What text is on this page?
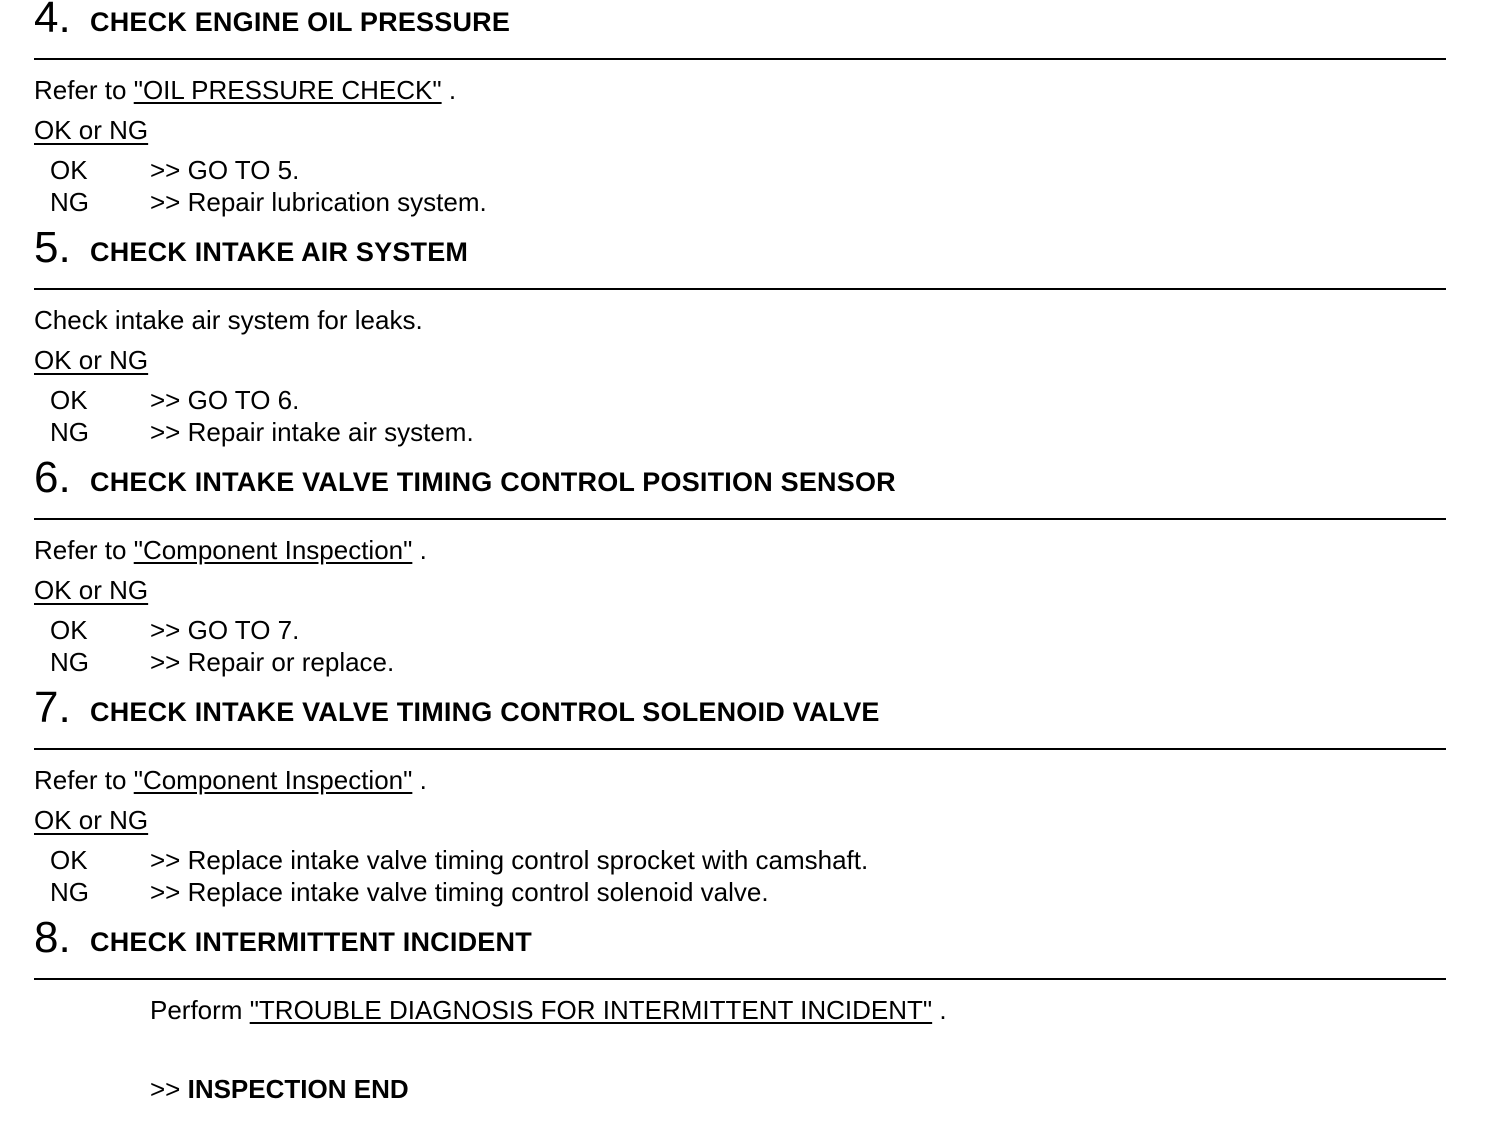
4. CHECK ENGINE OIL PRESSURE
Refer to "OIL PRESSURE CHECK" .
OK or NG
OK	>> GO TO 5.
NG	>> Repair lubrication system.
5. CHECK INTAKE AIR SYSTEM
Check intake air system for leaks.
OK or NG
OK	>> GO TO 6.
NG	>> Repair intake air system.
6. CHECK INTAKE VALVE TIMING CONTROL POSITION SENSOR
Refer to "Component Inspection" .
OK or NG
OK	>> GO TO 7.
NG	>> Repair or replace.
7. CHECK INTAKE VALVE TIMING CONTROL SOLENOID VALVE
Refer to "Component Inspection" .
OK or NG
OK	>> Replace intake valve timing control sprocket with camshaft.
NG	>> Replace intake valve timing control solenoid valve.
8. CHECK INTERMITTENT INCIDENT
Perform "TROUBLE DIAGNOSIS FOR INTERMITTENT INCIDENT" .
>> INSPECTION END
